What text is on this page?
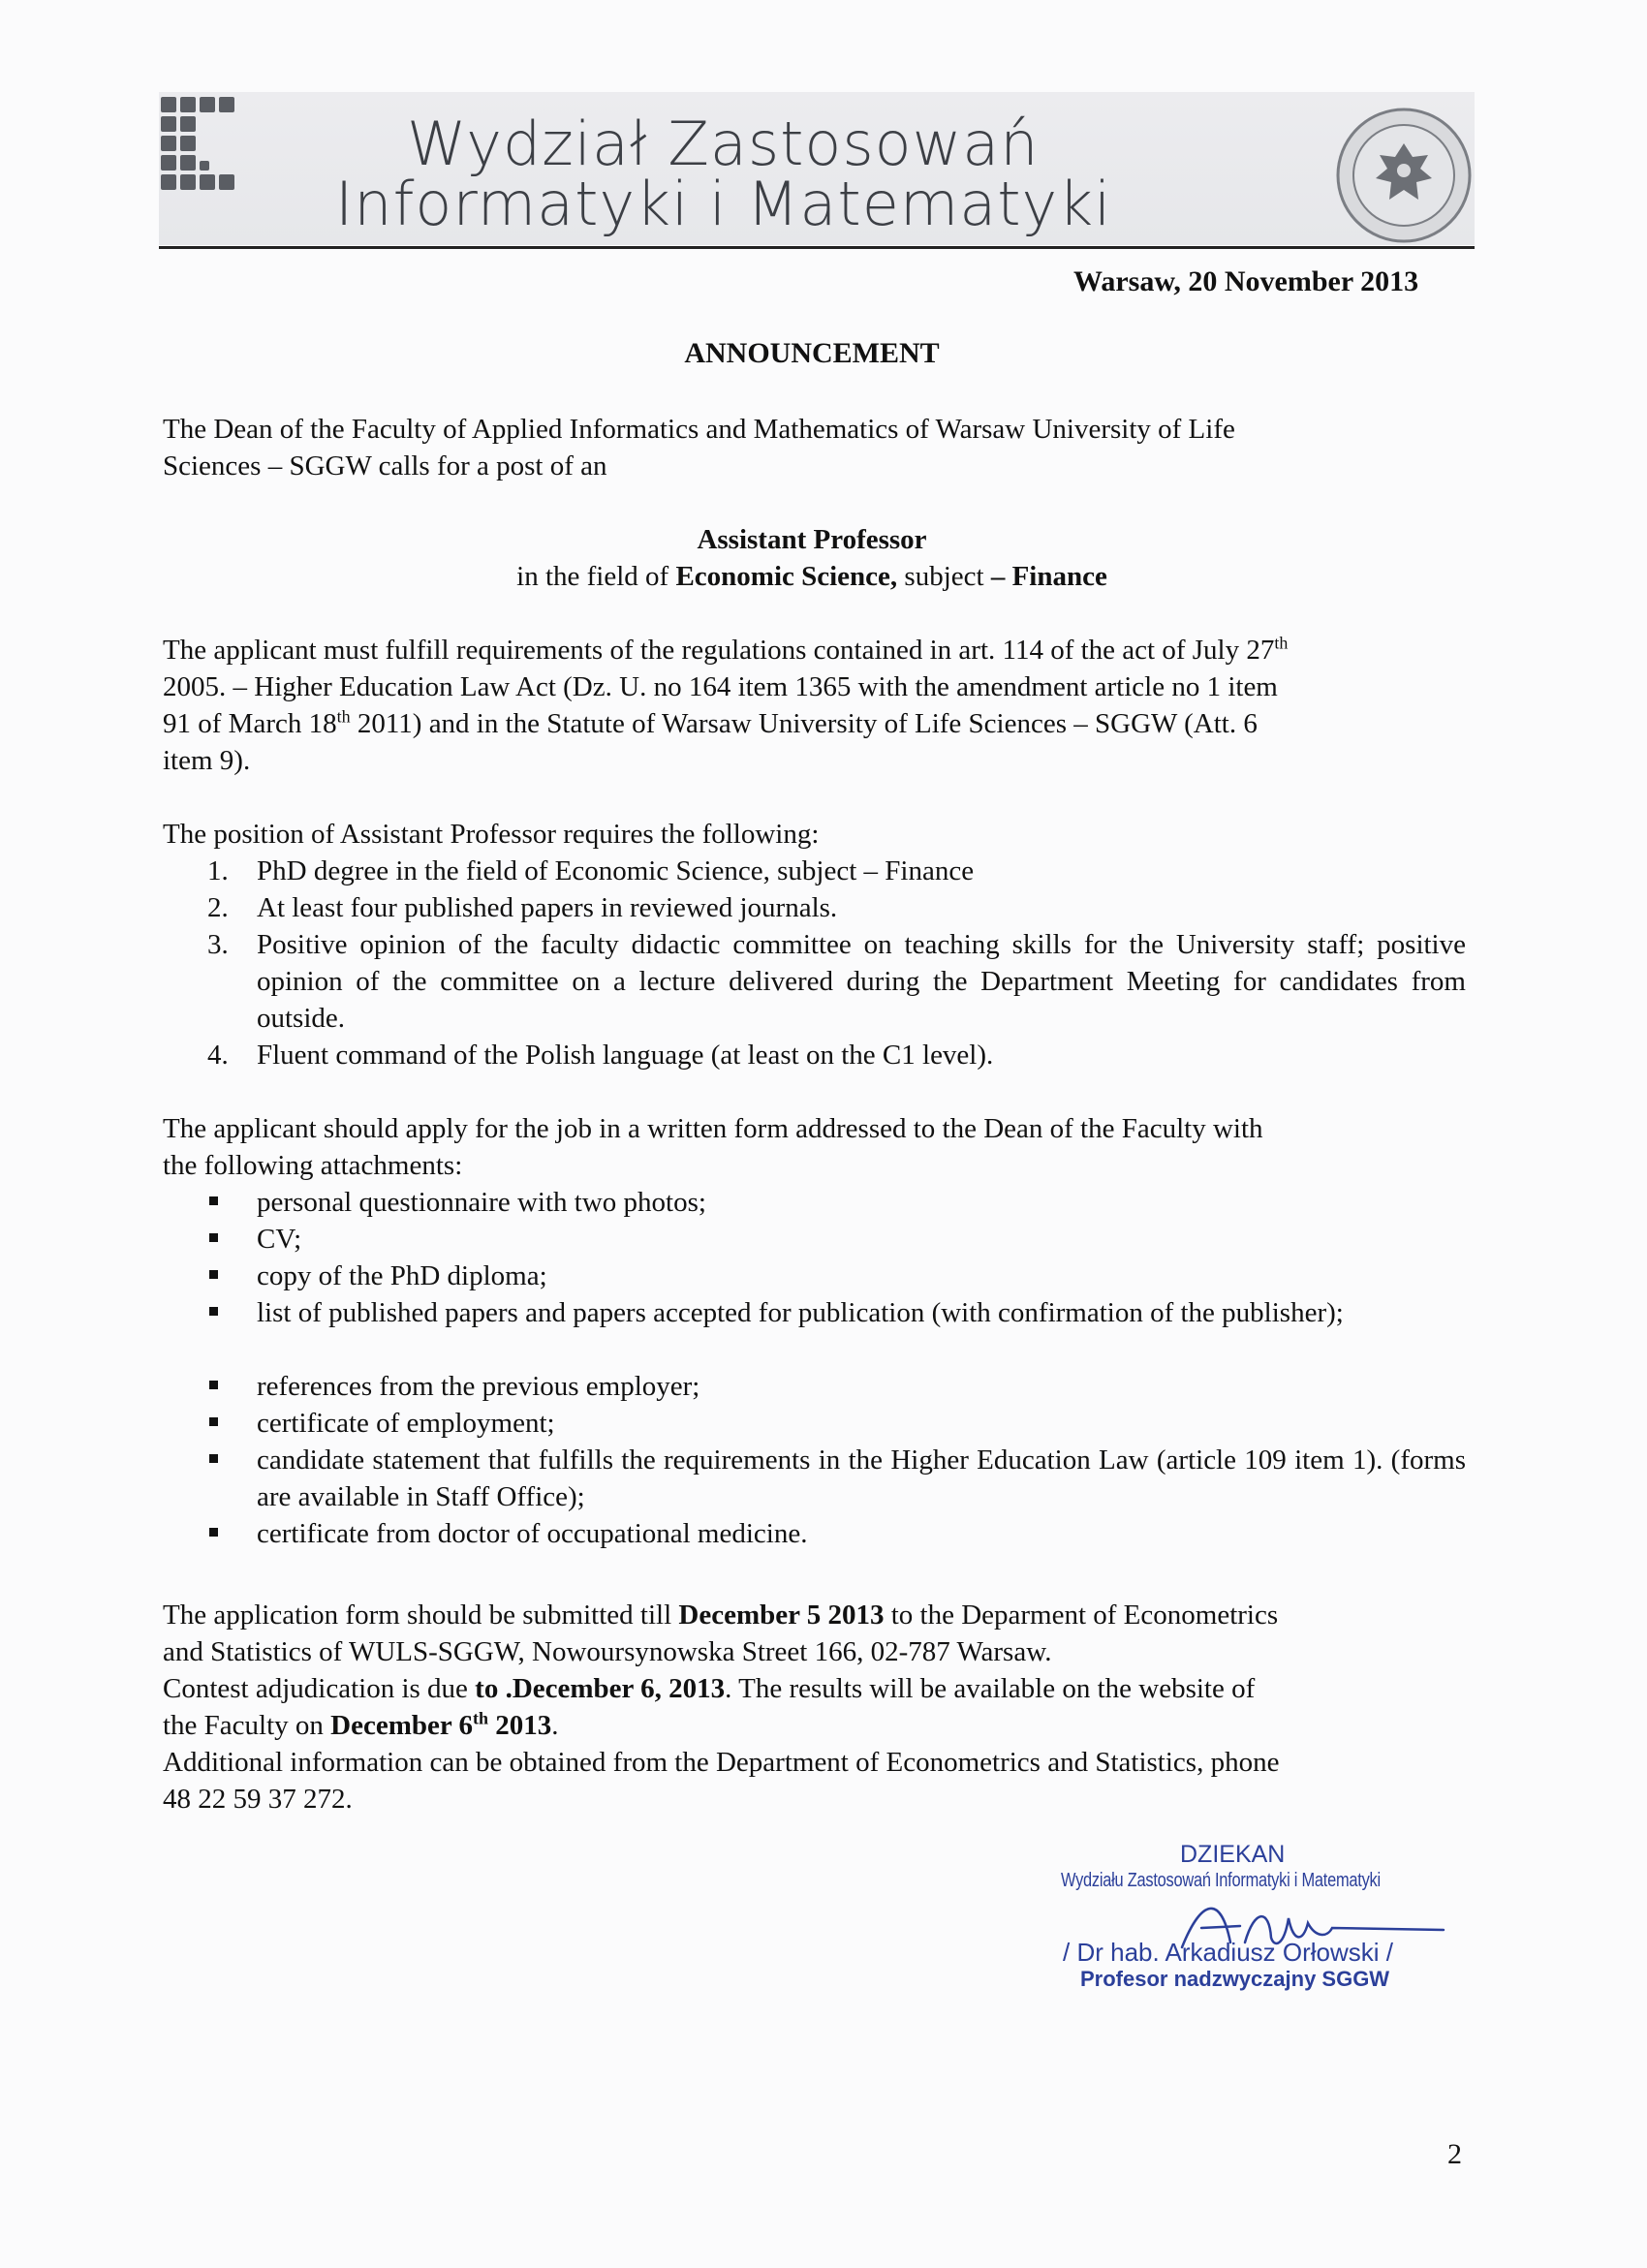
Wydział Zastosowań
Informatyki i Matematyki
Warsaw, 20 November 2013
ANNOUNCEMENT
The Dean of the Faculty of Applied Informatics and Mathematics of Warsaw University of Life
Sciences – SGGW calls for a post of an
Assistant Professor
in the field of Economic Science, subject – Finance
The applicant must fulfill requirements of the regulations contained in art. 114 of the act of July 27th
2005. – Higher Education Law Act (Dz. U. no 164 item 1365 with the amendment article no 1 item
91 of March 18th 2011) and in the Statute of Warsaw University of Life Sciences – SGGW (Att. 6
item 9).
The position of Assistant Professor requires the following:
1. PhD degree in the field of Economic Science, subject – Finance
2. At least four published papers in reviewed journals.
3. Positive opinion of the faculty didactic committee on teaching skills for the University staff; positive opinion of the committee on a lecture delivered during the Department Meeting for candidates from outside.
4. Fluent command of the Polish language (at least on the C1 level).
The applicant should apply for the job in a written form addressed to the Dean of the Faculty with
the following attachments:
personal questionnaire with two photos;
CV;
copy of the PhD diploma;
list of published papers and papers accepted for publication (with confirmation of the publisher);
references from the previous employer;
certificate of employment;
candidate statement that fulfills the requirements in the Higher Education Law (article 109 item 1). (forms are available in Staff Office);
certificate from doctor of occupational medicine.
The application form should be submitted till December 5 2013 to the Deparment of Econometrics
and Statistics of WULS-SGGW, Nowoursynowska Street 166, 02-787 Warsaw.
Contest adjudication is due to .December 6, 2013. The results will be available on the website of
the Faculty on December 6th 2013.
Additional information can be obtained from the Department of Econometrics and Statistics, phone
48 22 59 37 272.
DZIEKAN
Wydziału Zastosowań Informatyki i Matematyki
/ Dr hab. Arkadiusz Orłowski /
Profesor nadzwyczajny SGGW
2
